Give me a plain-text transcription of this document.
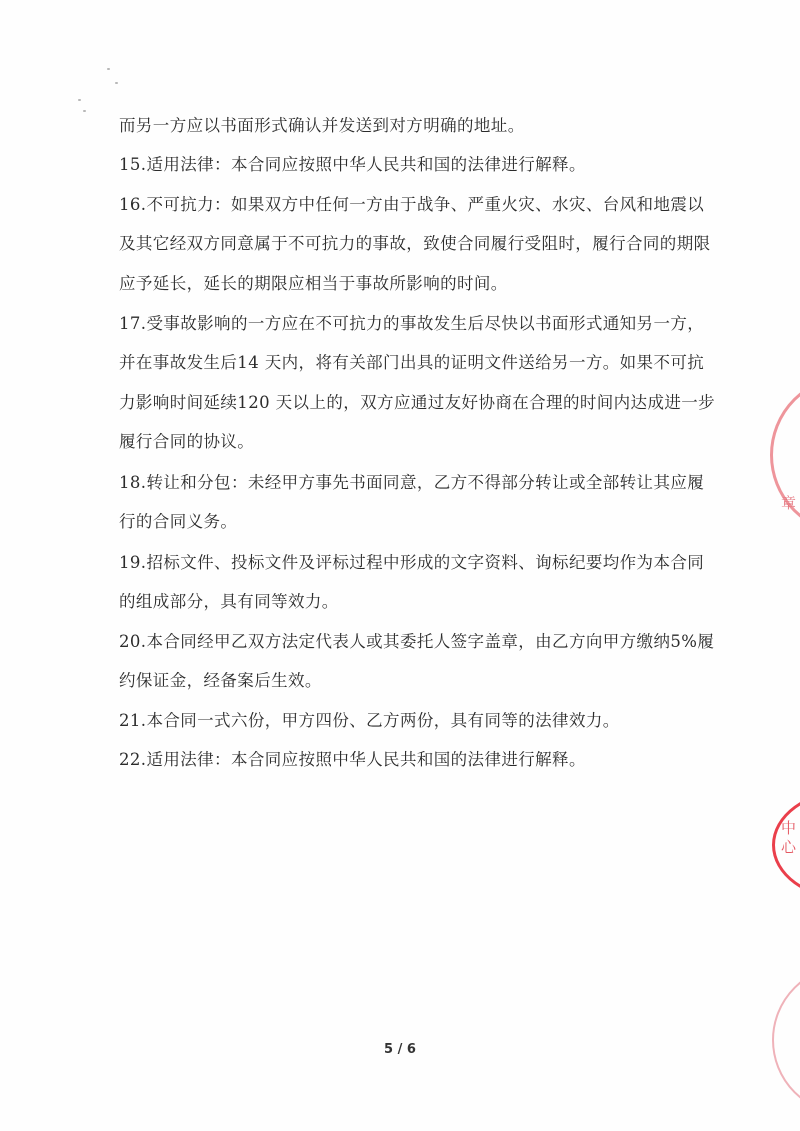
而另一方应以书面形式确认并发送到对方明确的地址。
15.适用法律：本合同应按照中华人民共和国的法律进行解释。
16.不可抗力：如果双方中任何一方由于战争、严重火灾、水灾、台风和地震以
及其它经双方同意属于不可抗力的事故，致使合同履行受阻时，履行合同的期限
应予延长，延长的期限应相当于事故所影响的时间。
17.受事故影响的一方应在不可抗力的事故发生后尽快以书面形式通知另一方，
并在事故发生后14 天内，将有关部门出具的证明文件送给另一方。如果不可抗
力影响时间延续120 天以上的，双方应通过友好协商在合理的时间内达成进一步
履行合同的协议。
18.转让和分包：未经甲方事先书面同意，乙方不得部分转让或全部转让其应履
行的合同义务。
19.招标文件、投标文件及评标过程中形成的文字资料、询标纪要均作为本合同
的组成部分，具有同等效力。
20.本合同经甲乙双方法定代表人或其委托人签字盖章，由乙方向甲方缴纳5%履
约保证金，经备案后生效。
21.本合同一式六份，甲方四份、乙方两份，具有同等的法律效力。
22.适用法律：本合同应按照中华人民共和国的法律进行解释。
章
中心
5 / 6
